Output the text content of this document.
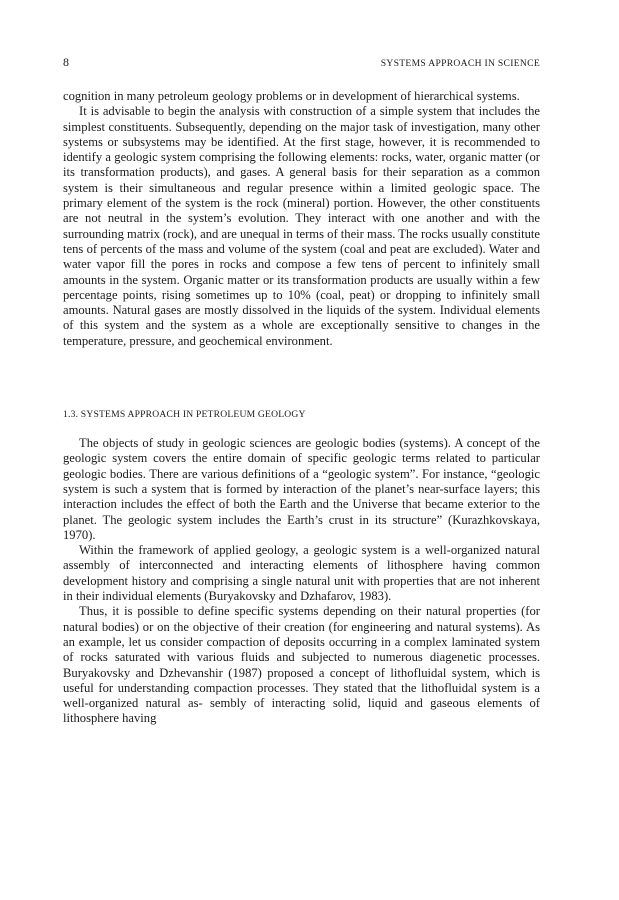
8	SYSTEMS APPROACH IN SCIENCE

cognition in many petroleum geology problems or in development of hierarchical systems.

It is advisable to begin the analysis with construction of a simple system that includes the simplest constituents. Subsequently, depending on the major task of investigation, many other systems or subsystems may be identified. At the first stage, however, it is recommended to identify a geologic system comprising the following elements: rocks, water, organic matter (or its transformation products), and gases. A general basis for their separation as a common system is their simultaneous and regular presence within a limited geologic space. The primary element of the system is the rock (mineral) portion. However, the other constituents are not neutral in the system’s evolution. They interact with one another and with the surrounding matrix (rock), and are unequal in terms of their mass. The rocks usually constitute tens of percents of the mass and volume of the system (coal and peat are excluded). Water and water vapor fill the pores in rocks and compose a few tens of percent to infinitely small amounts in the system. Organic matter or its transformation products are usually within a few percentage points, rising sometimes up to 10% (coal, peat) or dropping to infinitely small amounts. Natural gases are mostly dissolved in the liquids of the system. Individual elements of this system and the system as a whole are exceptionally sensitive to changes in the temperature, pressure, and geochemical environment.

1.3. SYSTEMS APPROACH IN PETROLEUM GEOLOGY

The objects of study in geologic sciences are geologic bodies (systems). A concept of the geologic system covers the entire domain of specific geologic terms related to particular geologic bodies. There are various definitions of a “geologic system”. For instance, “geologic system is such a system that is formed by interaction of the planet’s near-surface layers; this interaction includes the effect of both the Earth and the Universe that became exterior to the planet. The geologic system includes the Earth’s crust in its structure” (Kurazhkovskaya, 1970).

Within the framework of applied geology, a geologic system is a well-organized natural assembly of interconnected and interacting elements of lithosphere having common development history and comprising a single natural unit with properties that are not inherent in their individual elements (Buryakovsky and Dzhafarov, 1983).

Thus, it is possible to define specific systems depending on their natural properties (for natural bodies) or on the objective of their creation (for engineering and natural systems). As an example, let us consider compaction of deposits occurring in a complex laminated system of rocks saturated with various fluids and subjected to numerous diagenetic processes. Buryakovsky and Dzhevanshir (1987) proposed a concept of lithofluidal system, which is useful for understanding compaction processes. They stated that the lithofluidal system is a well-organized natural as- sembly of interacting solid, liquid and gaseous elements of lithosphere having
